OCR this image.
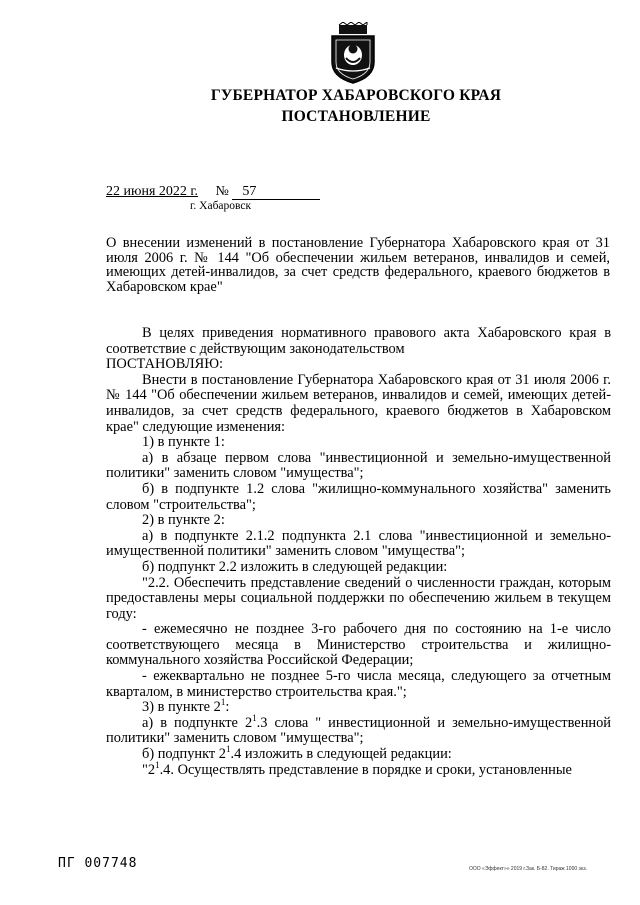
ГУБЕРНАТОР ХАБАРОВСКОГО КРАЯ
ПОСТАНОВЛЕНИЕ
22 июня 2022 г. № 57
г. Хабаровск
О внесении изменений в постановление Губернатора Хабаровского края от 31 июля 2006 г. № 144 "Об обеспечении жильем ветеранов, инвалидов и семей, имеющих детей-инвалидов, за счет средств федерального, краевого бюджетов в Хабаровском крае"

В целях приведения нормативного правового акта Хабаровского края в соответствие с действующим законодательством

ПОСТАНОВЛЯЮ:

Внести в постановление Губернатора Хабаровского края от 31 июля 2006 г. № 144 "Об обеспечении жильем ветеранов, инвалидов и семей, имеющих детей-инвалидов, за счет средств федерального, краевого бюджетов в Хабаровском крае" следующие изменения:

1) в пункте 1:

а) в абзаце первом слова "инвестиционной и земельно-имущественной политики" заменить словом "имущества";

б) в подпункте 1.2 слова "жилищно-коммунального хозяйства" заменить словом "строительства";

2) в пункте 2:

а) в подпункте 2.1.2 подпункта 2.1 слова "инвестиционной и земельно-имущественной политики" заменить словом "имущества";

б) подпункт 2.2 изложить в следующей редакции:

"2.2. Обеспечить представление сведений о численности граждан, которым предоставлены меры социальной поддержки по обеспечению жильем в текущем году:

- ежемесячно не позднее 3-го рабочего дня по состоянию на 1-е число соответствующего месяца в Министерство строительства и жилищно-коммунального хозяйства Российской Федерации;

- ежеквартально не позднее 5-го числа месяца, следующего за отчетным кварталом, в министерство строительства края.";

3) в пункте $2^1$:

а) в подпункте $2^1.3$ слова " инвестиционной и земельно-имущественной политики" заменить словом "имущества";

б) подпункт $2^1.4$ изложить в следующей редакции:

"$2^1.4$. Осуществлять представление в порядке и сроки, установленные

ПГ 007748	ООО «Эффект»» 2019 г.Зак. Б-82. Тираж 1000 экз.
